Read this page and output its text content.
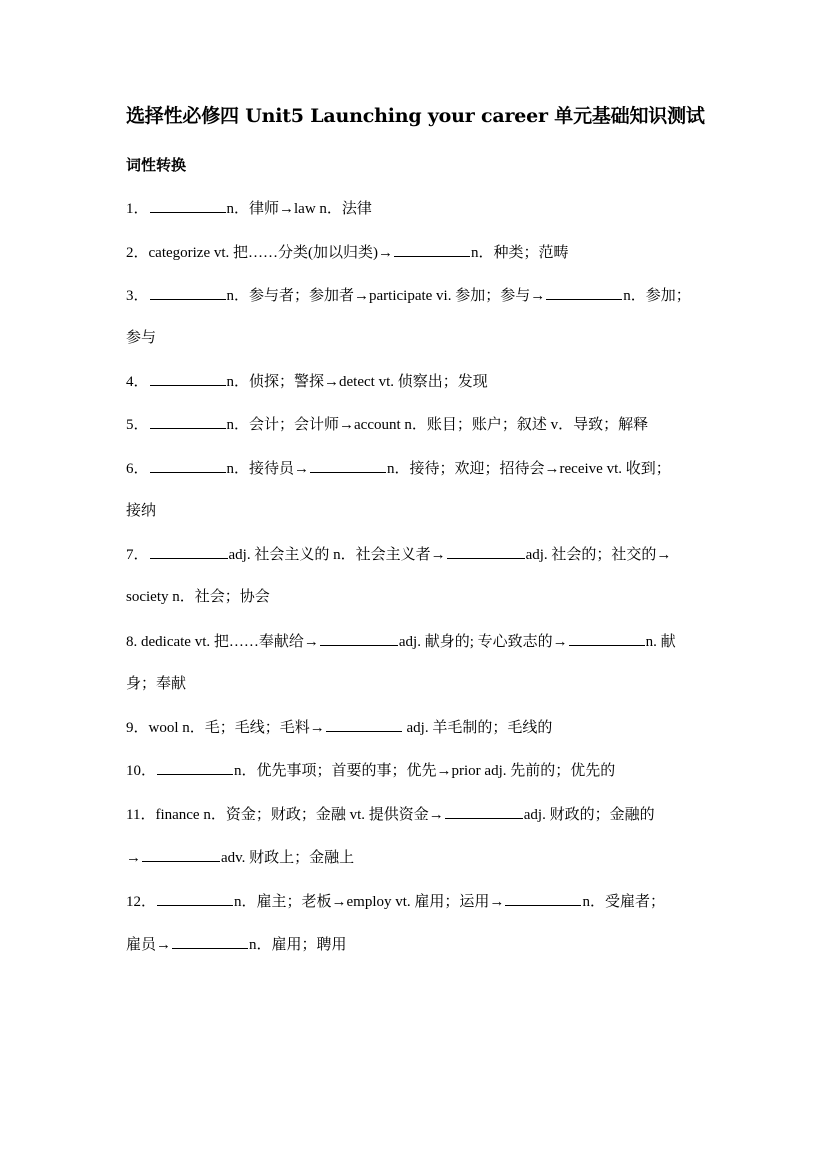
选择性必修四 Unit5 Launching your career 单元基础知识测试
词性转换
1．	n．律师→law n．法律
2．categorize vt. 把……分类(加以归类)→	n．种类；范畴
3．	n．参与者；参加者→participate vi. 参加；参与→	n．参加；
参与
4．	n．侦探；警探→detect vt. 侦察出；发现
5．	n．会计；会计师→account n．账目；账户；叙述 v．导致；解释
6．	n．接待员→	n．接待；欢迎；招待会→receive vt. 收到；
接纳
7．	adj. 社会主义的 n．社会主义者→	adj. 社会的；社交的→
society n．社会；协会
8. dedicate vt. 把……奉献给→	adj. 献身的; 专心致志的→	n. 献
身；奉献
9．wool n．毛；毛线；毛料→	adj. 羊毛制的；毛线的
10．	n．优先事项；首要的事；优先→prior adj. 先前的；优先的
11．finance n．资金；财政；金融 vt. 提供资金→	adj. 财政的；金融的
→	adv. 财政上；金融上
12．	n．雇主；老板→employ vt. 雇用；运用→	n．受雇者；
雇员→	n．雇用；聘用
